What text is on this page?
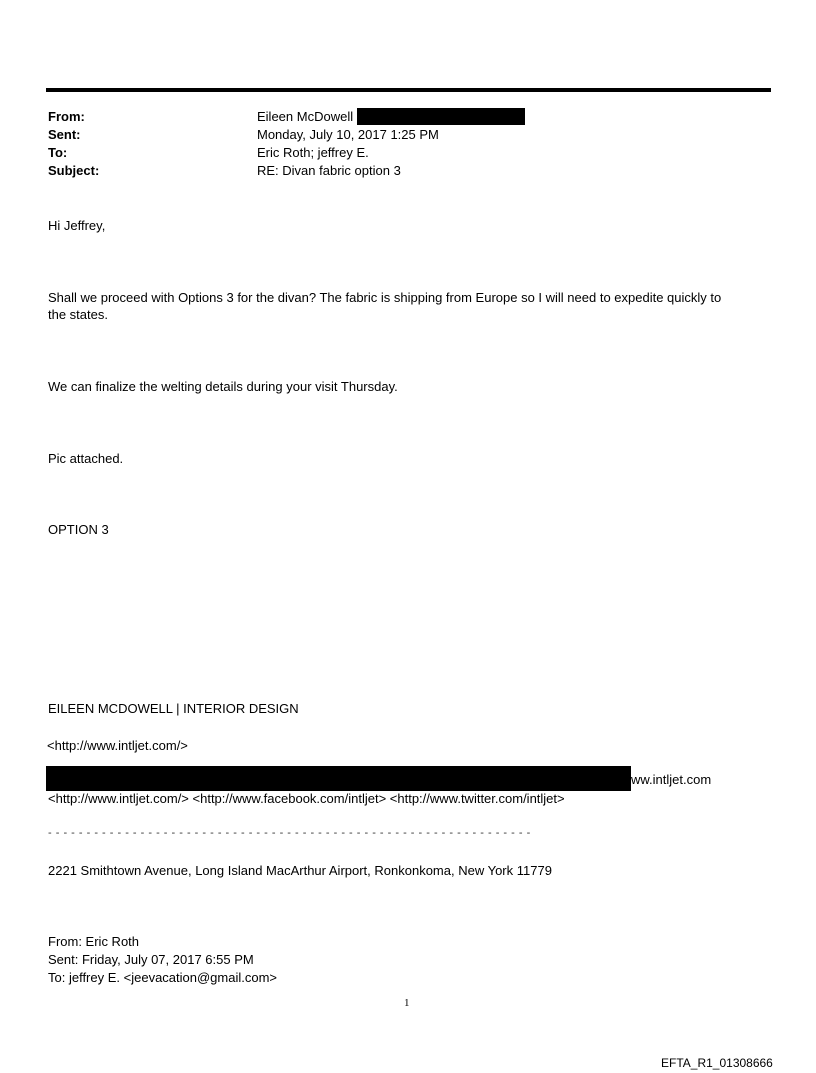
From:	Eileen McDowell
Sent:	Monday, July 10, 2017 1:25 PM
To:	Eric Roth; jeffrey E.
Subject:	RE: Divan fabric option 3
Hi Jeffrey,
Shall we proceed with Options 3 for the divan? The fabric is shipping from Europe so I will need to expedite quickly to
the states.
We can finalize the welting details during your visit Thursday.
Pic attached.
OPTION 3
EILEEN MCDOWELL | INTERIOR DESIGN
<http://www.intljet.com/>
ww.intljet.com
<http://www.intljet.com/> <http://www.facebook.com/intljet> <http://www.twitter.com/intljet>
- - - - - - - - - - - - - - - - - - - - - - - - - - - - - - - - - - - - - - - - - - - - - - - - - - - - - - - - - - - - - - -
2221 Smithtown Avenue, Long Island MacArthur Airport, Ronkonkoma, New York 11779
From: Eric Roth
Sent: Friday, July 07, 2017 6:55 PM
To: jeffrey E. <jeevacation@gmail.com>
1
EFTA_R1_01308666
